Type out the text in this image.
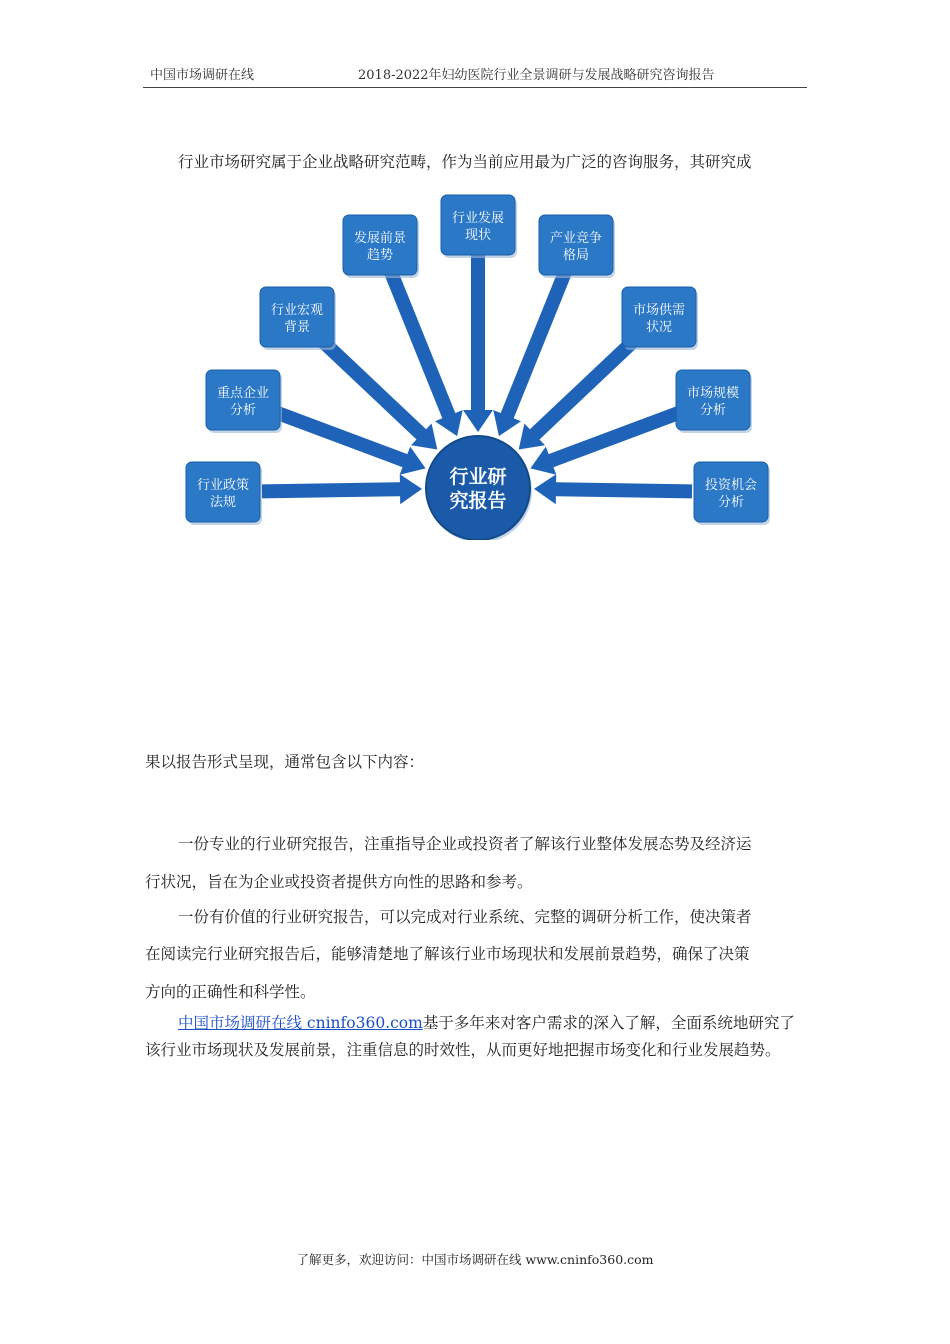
中国市场调研在线	2018-2022年妇幼医院行业全景调研与发展战略研究咨询报告
行业市场研究属于企业战略研究范畴，作为当前应用最为广泛的咨询服务，其研究成
行业政策
法规
重点企业
分析
行业宏观
背景
发展前景
趋势
行业发展
现状	产业竞争
格局
市场供需
状况
市场规模
分析
投资机会
分析
行业研
究报告
果以报告形式呈现，通常包含以下内容：
一份专业的行业研究报告，注重指导企业或投资者了解该行业整体发展态势及经济运
行状况，旨在为企业或投资者提供方向性的思路和参考。
一份有价值的行业研究报告，可以完成对行业系统、完整的调研分析工作，使决策者
在阅读完行业研究报告后，能够清楚地了解该行业市场现状和发展前景趋势，确保了决策
方向的正确性和科学性。
中国市场调研在线 cninfo360.com基于多年来对客户需求的深入了解，全面系统地研究了该行业市场现状及发展前景，注重信息的时效性，从而更好地把握市场变化和行业发展趋势。
了解更多，欢迎访问：中国市场调研在线 www.cninfo360.com
